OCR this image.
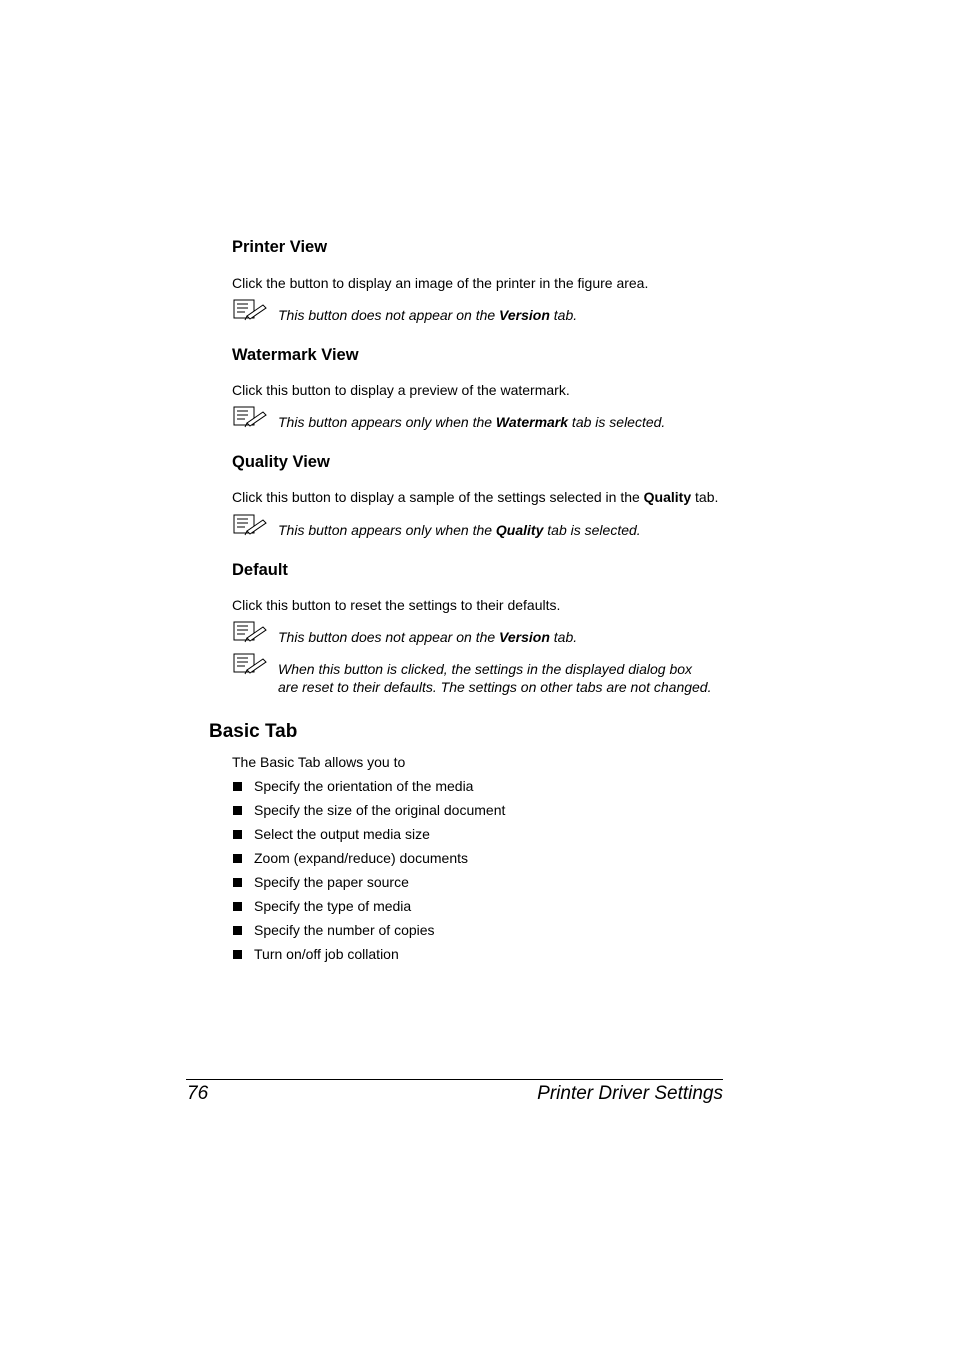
Printer View
Click the button to display an image of the printer in the figure area.
This button does not appear on the Version tab.
Watermark View
Click this button to display a preview of the watermark.
This button appears only when the Watermark tab is selected.
Quality View
Click this button to display a sample of the settings selected in the Quality tab.
This button appears only when the Quality tab is selected.
Default
Click this button to reset the settings to their defaults.
This button does not appear on the Version tab.
When this button is clicked, the settings in the displayed dialog box
are reset to their defaults. The settings on other tabs are not changed.
Basic Tab
The Basic Tab allows you to
Specify the orientation of the media
Specify the size of the original document
Select the output media size
Zoom (expand/reduce) documents
Specify the paper source
Specify the type of media
Specify the number of copies
Turn on/off job collation
76	Printer Driver Settings
